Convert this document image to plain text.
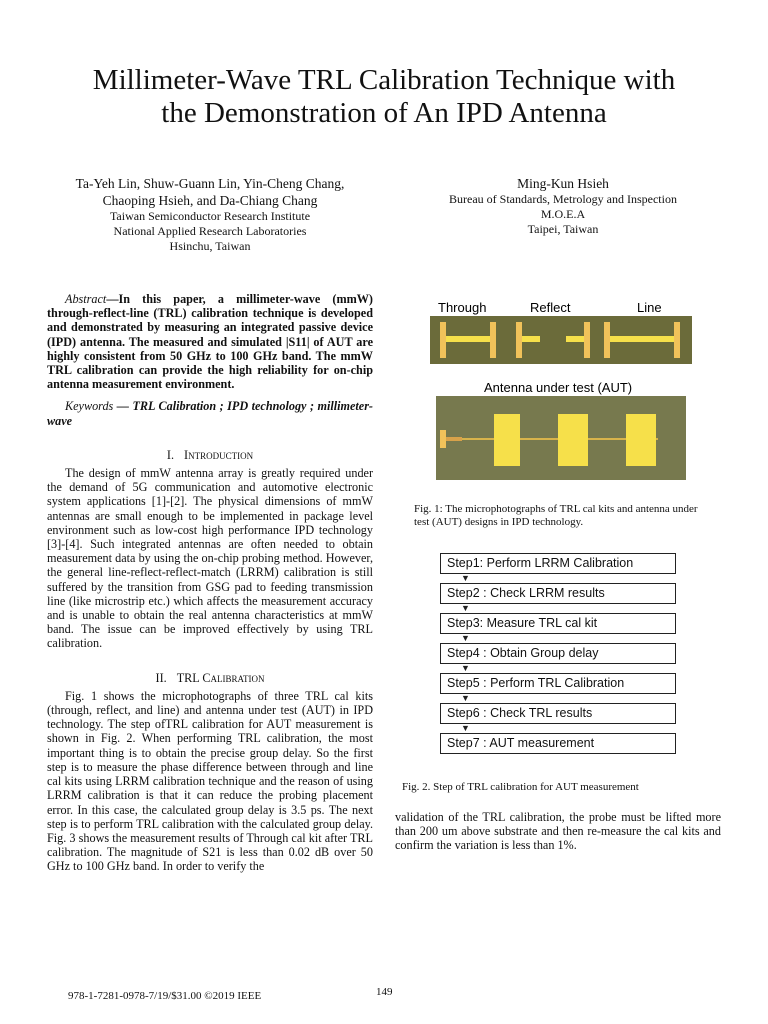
Millimeter-Wave TRL Calibration Technique with
the Demonstration of An IPD Antenna
Ta-Yeh Lin, Shuw-Guann Lin, Yin-Cheng Chang,
Chaoping Hsieh, and Da-Chiang Chang
Taiwan Semiconductor Research Institute
National Applied Research Laboratories
Hsinchu, Taiwan
Ming-Kun Hsieh
Bureau of Standards, Metrology and Inspection
M.O.E.A
Taipei, Taiwan

Abstract—In this paper, a millimeter-wave (mmW) through-reflect-line (TRL) calibration technique is developed and demonstrated by measuring an integrated passive device (IPD) antenna. The measured and simulated |S11| of AUT are highly consistent from 50 GHz to 100 GHz band. The mmW TRL calibration can provide the high reliability for on-chip antenna measurement environment.

Keywords — TRL Calibration ; IPD technology ; millimeter-wave

I. Introduction

The design of mmW antenna array is greatly required under the demand of 5G communication and automotive electronic system applications [1]-[2]. The physical dimensions of mmW antennas are small enough to be implemented in package level environment such as low-cost high performance IPD technology [3]-[4]. Such integrated antennas are often needed to obtain measurement data by using the on-chip probing method. However, the general line-reflect-reflect-match (LRRM) calibration is still suffered by the transition from GSG pad to feeding transmission line (like microstrip etc.) which affects the measurement accuracy and is unable to obtain the real antenna characteristics at mmW band. The issue can be improved effectively by using TRL calibration.

II. TRL Calibration

Fig. 1 shows the microphotographs of three TRL cal kits (through, reflect, and line) and antenna under test (AUT) in IPD technology. The step ofTRL calibration for AUT measurement is shown in Fig. 2. When performing TRL calibration, the most important thing is to obtain the precise group delay. So the first step is to measure the phase difference between through and line cal kits using LRRM calibration technique and the reason of using LRRM calibration is that it can reduce the probing placement error. In this case, the calculated group delay is 3.5 ps. The next step is to perform TRL calibration with the calculated group delay. Fig. 3 shows the measurement results of Through cal kit after TRL calibration. The magnitude of S21 is less than 0.02 dB over 50 GHz to 100 GHz band. In order to verify the

Through	Reflect	Line
Antenna under test (AUT)
Fig. 1: The microphotographs of TRL cal kits and antenna under test (AUT) designs in IPD technology.
Step1: Perform LRRM Calibration
▼
Step2 : Check LRRM results
▼
Step3: Measure TRL cal kit
▼
Step4 : Obtain Group delay
▼
Step5 : Perform TRL Calibration
▼
Step6 : Check TRL results
▼
Step7 : AUT measurement
Fig. 2. Step of TRL calibration for AUT measurement

validation of the TRL calibration, the probe must be lifted more than 200 um above substrate and then re-measure the cal kits and confirm the variation is less than 1%.

978-1-7281-0978-7/19/$31.00 ©2019 IEEE	149
